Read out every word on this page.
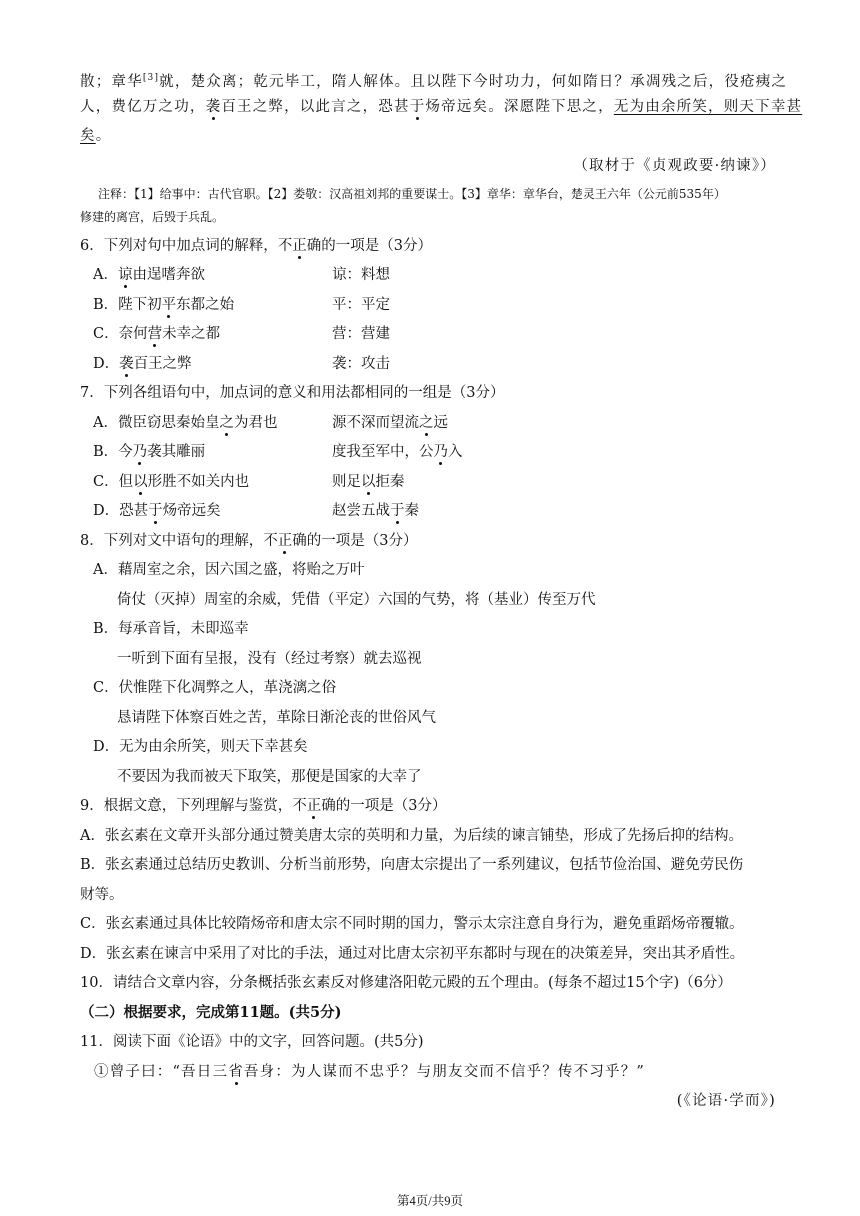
散；章华[3]就，楚众离；乾元毕工，隋人解体。且以陛下今时功力，何如隋日？承凋残之后，役疮痍之
人，费亿万之功，袭百王之弊，以此言之，恐甚于炀帝远矣。深愿陛下思之，无为由余所笑，则天下幸甚
矣。
（取材于《贞观政要·纳谏》）
注释：【1】给事中：古代官职。【2】娄敬：汉高祖刘邦的重要谋士。【3】章华：章华台，楚灵王六年（公元前535年）
修建的离宫，后毁于兵乱。
6．下列对句中加点词的解释，不正确的一项是（3分）
A．谅由逞嗜奔欲	谅：料想
B．陛下初平东都之始	平：平定
C．奈何营未幸之都	营：营建
D．袭百王之弊	袭：攻击
7．下列各组语句中，加点词的意义和用法都相同的一组是（3分）
A．微臣窃思秦始皇之为君也	源不深而望流之远
B．今乃袭其雕丽	度我至军中，公乃入
C．但以形胜不如关内也	则足以拒秦
D．恐甚于炀帝远矣	赵尝五战于秦
8．下列对文中语句的理解，不正确的一项是（3分）
A．藉周室之余，因六国之盛，将贻之万叶
倚仗（灭掉）周室的余威，凭借（平定）六国的气势，将（基业）传至万代
B．每承音旨，未即巡幸
一听到下面有呈报，没有（经过考察）就去巡视
C．伏惟陛下化凋弊之人，革浇漓之俗
恳请陛下体察百姓之苦，革除日渐沦丧的世俗风气
D．无为由余所笑，则天下幸甚矣
不要因为我而被天下取笑，那便是国家的大幸了
9．根据文意，下列理解与鉴赏，不正确的一项是（3分）
A．张玄素在文章开头部分通过赞美唐太宗的英明和力量，为后续的谏言铺垫，形成了先扬后抑的结构。
B．张玄素通过总结历史教训、分析当前形势，向唐太宗提出了一系列建议，包括节俭治国、避免劳民伤
财等。
C．张玄素通过具体比较隋炀帝和唐太宗不同时期的国力，警示太宗注意自身行为，避免重蹈炀帝覆辙。
D．张玄素在谏言中采用了对比的手法，通过对比唐太宗初平东都时与现在的决策差异，突出其矛盾性。
10．请结合文章内容，分条概括张玄素反对修建洛阳乾元殿的五个理由。(每条不超过15个字)（6分）
（二）根据要求，完成第11题。(共5分)
11．阅读下面《论语》中的文字，回答问题。(共5分)
①曾子曰：“吾日三省吾身：为人谋而不忠乎？与朋友交而不信乎？传不习乎？”
(《论语·学而》)
第4页/共9页
